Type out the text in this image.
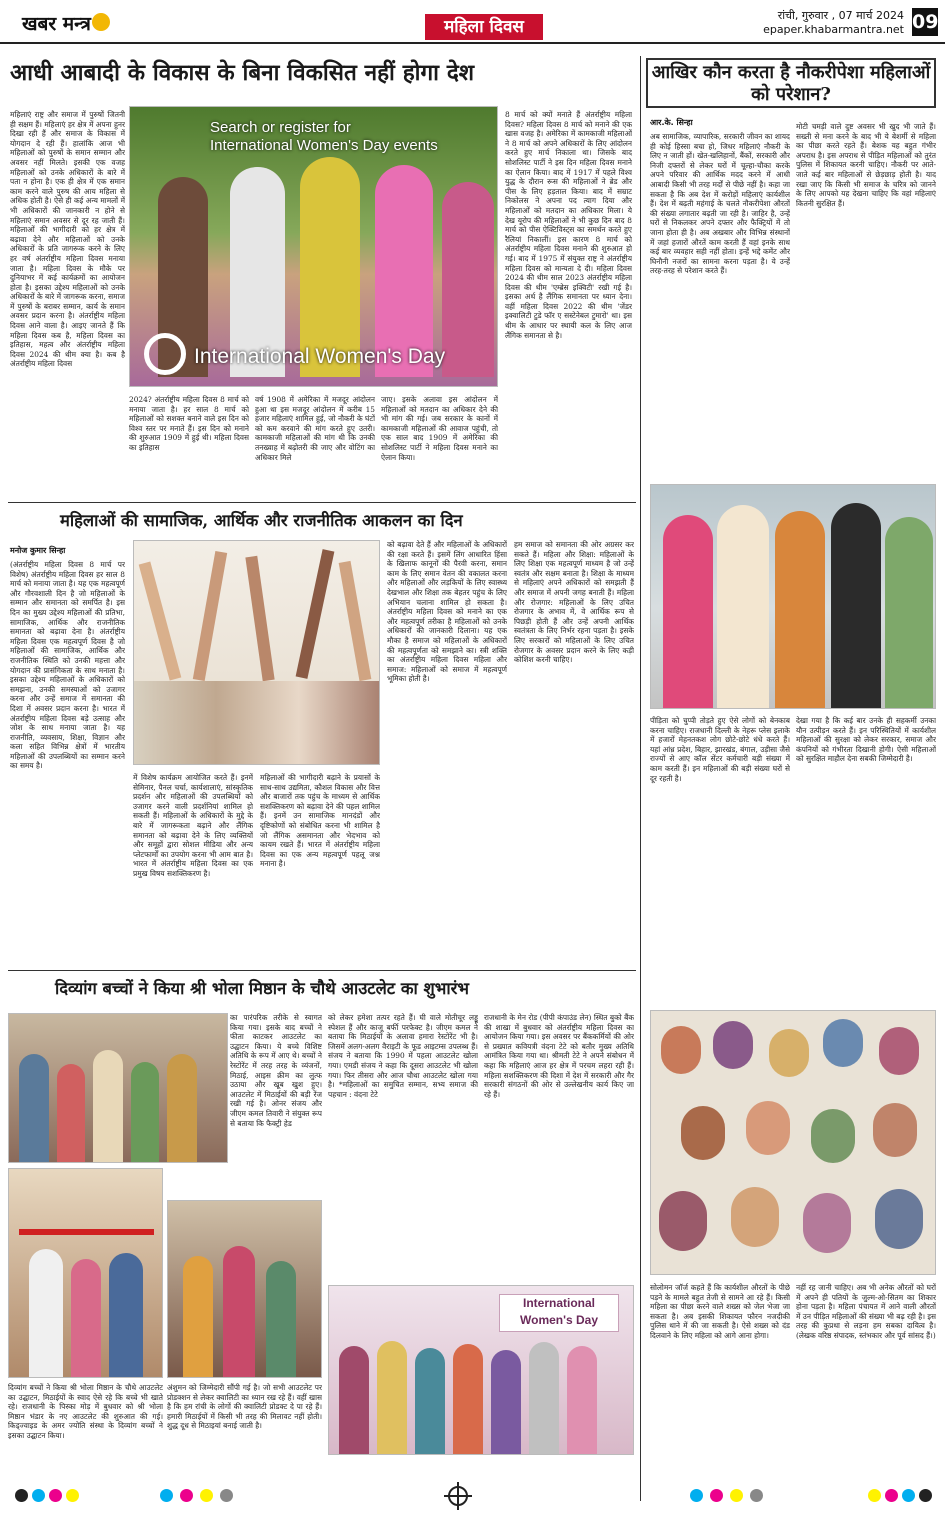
खबर मन्त्र	महिला दिवस
रांची, गुरुवार , 07 मार्च 2024
epaper.khabarmantra.net 09
आधी आबादी के विकास के बिना विकसित नहीं होगा देश
महिलाएं राष्ट्र और समाज में पुरुषों जितनी ही सक्षम हैं। महिलाएं हर क्षेत्र में अपना हुनर दिखा रही हैं और समाज के विकास में योगदान दे रही हैं। हालांकि आज भी महिलाओं को पुरुषों के समान सम्मान और अवसर नहीं मिलते। इसकी एक वजह महिलाओं को उनके अधिकारों के बारे में पता न होना है। एक ही क्षेत्र में एक समान काम करने वाले पुरुष की आय महिला से अधिक होती है। ऐसे ही कई अन्य मामलों में भी अधिकारों की जानकारी न होने से महिलाएं समान अवसर से दूर रह जाती हैं। महिलाओं की भागीदारी को हर क्षेत्र में बढ़ावा देने और महिलाओं को उनके अधिकारों के प्रति जागरूक करने के लिए हर वर्ष अंतर्राष्ट्रीय महिला दिवस मनाया जाता है। महिला दिवस के मौके पर दुनियाभर में कई कार्यक्रमों का आयोजन होता है। इसका उद्देश्य महिलाओं को उनके अधिकारों के बारे में जागरूक करना, समाज में पुरुषों के बराबर सम्मान, कार्य के समान अवसर प्रदान करना है। अंतर्राष्ट्रीय महिला दिवस आने वाला है। आइए जानते हैं कि महिला दिवस कब है, महिला दिवस का इतिहास, महत्व और अंतर्राष्ट्रीय महिला दिवस 2024 की थीम क्या है। कब है अंतर्राष्ट्रीय महिला दिवस
Search or register for
International Women's Day events
International Women's Day
2024? अंतर्राष्ट्रीय महिला दिवस 8 मार्च को मनाया जाता है। हर साल 8 मार्च को महिलाओं को सशक्त बनाने वाले इस दिन को विश्व स्तर पर मनाते हैं। इस दिन को मनाने की शुरुआत 1909 में हुई थी। महिला दिवस का इतिहास
वर्ष 1908 में अमेरिका में मजदूर आंदोलन हुआ था इस मजदूर आंदोलन में करीब 15 हजार महिलाएं शामिल हुई, जो नौकरी के घंटों को कम करवाने की मांग करते हुए उतरी। कामकाजी महिलाओं की मांग थी कि उनकी तनख्वाह में बढ़ोतरी की जाए और वोटिंग का अधिकार मिले
जाए। इसके अलावा इस आंदोलन में महिलाओं को मतदान का अधिकार देने की भी मांग की गई। जब सरकार के कानों में कामकाजी महिलाओं की आवाज पहुंची, तो एक साल बाद 1909 में अमेरिका की सोशलिस्ट पार्टी ने महिला दिवस मनाने का ऐलान किया।
8 मार्च को क्यों मनाते हैं अंतर्राष्ट्रीय महिला दिवस? महिला दिवस 8 मार्च को मनाने की एक खास वजह है। अमेरिका में कामकाजी महिलाओं ने 8 मार्च को अपने अधिकारों के लिए आंदोलन करते हुए मार्च निकाला था। जिसके बाद सोशलिस्ट पार्टी ने इस दिन महिला दिवस मनाने का ऐलान किया। बाद में 1917 में पहले विश्व युद्ध के दौरान रूस की महिलाओं ने ब्रेड और पीस के लिए हड़ताल किया। बाद में सम्राट निकोलस ने अपना पद त्याग दिया और महिलाओं को मतदान का अधिकार मिला। ये देख यूरोप की महिलाओं ने भी कुछ दिन बाद 8 मार्च को पीस ऐक्टिविस्ट्स का समर्थन करते हुए रैलियां निकालीं। इस कारण 8 मार्च को अंतर्राष्ट्रीय महिला दिवस मनाने की शुरुआत हो गई। बाद में 1975 में संयुक्त राष्ट्र ने अंतर्राष्ट्रीय महिला दिवस को मान्यता दे दी। महिला दिवस 2024 की थीम साल 2023 अंतर्राष्ट्रीय महिला दिवस की थीम 'एम्ब्रेस इक्विटी' रखी गई है। इसका अर्थ है लैंगिक समानता पर ध्यान देना। वहीं महिला दिवस 2022 की थीम 'जेंडर इक्वालिटी टुडे फॉर ए सस्टेनेबल टुमारो' था। इस थीम के आधार पर स्थायी कल के लिए आज लैंगिक समानता से है।
आखिर कौन करता है नौकरीपेशा महिलाओं को परेशान?
आर.के. सिन्हा
अब सामाजिक, व्यापारिक, सरकारी जीवन का शायद ही कोई हिस्सा बचा हो, जिधर महिलाएं नौकरी के लिए न जाती हों। खेत-खलिहानों, बैंकों, सरकारी और निजी दफ्तरों से लेकर घरों में चूल्हा-चौका करके अपने परिवार की आर्थिक मदद करने में आधी आबादी किसी भी तरह मर्दों से पीछे नहीं है। कहा जा सकता है कि अब देश में करोड़ों महिलाएं कार्यशील हैं। देश में बढ़ती महंगाई के चलते नौकरीपेशा औरतों की संख्या लगातार बढ़ती जा रही है। जाहिर है, उन्हें घरों से निकलकर अपने दफ्तर और फैक्ट्रियों में तो जाना होता ही है। अब अखबार और विभिन्न संस्थानों में जहां हजारों औरतें काम करती हैं वहां इनके साथ कई बार व्यवहार सही नहीं होता। इन्हें भद्दे कमेंट और घिनौनी नजरों का सामना करना पड़ता है। ये उन्हें तरह-तरह से परेशान करते हैं।
मोटी चमड़ी वाले दुष्ट अवसर भी खुद भी जाते हैं। सख्ती से मना करने के बाद भी ये बेशर्मी से महिला का पीछा करते रहते हैं। बेशक यह बहुत गंभीर अपराध है। इस अपराध से पीड़ित महिलाओं को तुरंत पुलिस में शिकायत करनी चाहिए। नौकरी पर आते-जाते कई बार महिलाओं से छेड़छाड़ होती है। याद रखा जाए कि किसी भी समाज के चरित्र को जानने के लिए आपको यह देखना चाहिए कि वहां महिलाएं कितनी सुरक्षित हैं।
पीड़िता को चुप्पी तोड़ते हुए ऐसे लोगों को बेनकाब करना चाहिए। राजधानी दिल्ली के नेहरू प्लेस इलाके में हजारों मेहनतकश लोग छोटे-छोटे धंधे करते हैं। यहां आंध्र प्रदेश, बिहार, झारखंड, बंगाल, उड़ीसा जैसे राज्यों से आए कॉल सेंटर कर्मचारी बड़ी संख्या में काम करती हैं। इन महिलाओं की बड़ी संख्या घरों से दूर रहती है।
देखा गया है कि कई बार उनके ही सहकर्मी उनका यौन उत्पीड़न करते हैं। इन परिस्थितियों में कार्यशील महिलाओं की सुरक्षा को लेकर सरकार, समाज और कंपनियों को गंभीरता दिखानी होगी। ऐसी महिलाओं को सुरक्षित माहौल देना सबकी जिम्मेदारी है।
सोलोमन जॉर्ज कहते हैं कि कार्यशील औरतों के पीछे पड़ने के मामले बहुत तेजी से सामने आ रहे हैं। किसी महिला का पीछा करने वाले शख्स को जेल भेजा जा सकता है। अब इसकी शिकायत फौरन नजदीकी पुलिस थाने में की जा सकती है। ऐसे शख्स को दंड दिलवाने के लिए महिला को आगे आना होगा।
नहीं रह जानी चाहिए। अब भी अनेक औरतों को घरों में अपने ही पतियों के जुल्म-ओ-सितम का शिकार होना पड़ता है। महिला पंचायत में आने वाली औरतों में उन पीड़ित महिलाओं की संख्या भी बढ़ रही है। इस तरह की कुप्रथा से लड़ना हम सबका दायित्व है। (लेखक वरिष्ठ संपादक, स्तंभकार और पूर्व सांसद हैं।)
महिलाओं की सामाजिक, आर्थिक और राजनीतिक आकलन का दिन
मनोज कुमार सिन्हा
(अंतर्राष्ट्रीय महिला दिवस 8 मार्च पर विशेष) अंतर्राष्ट्रीय महिला दिवस हर साल 8 मार्च को मनाया जाता है। यह एक महत्वपूर्ण और गौरवशाली दिन है जो महिलाओं के सम्मान और समानता को समर्पित है। इस दिन का मुख्य उद्देश्य महिलाओं की प्रतिभा, सामाजिक, आर्थिक और राजनीतिक समानता को बढ़ावा देना है। अंतर्राष्ट्रीय महिला दिवस एक महत्वपूर्ण दिवस है जो महिलाओं की सामाजिक, आर्थिक और राजनीतिक स्थिति को उनकी महत्ता और योगदान की प्रासंगिकता के साथ मनाता है। इसका उद्देश्य महिलाओं के अधिकारों को समझना, उनकी समस्याओं को उजागर करना और उन्हें समाज में समानता की दिशा में अवसर प्रदान करना है। भारत में अंतर्राष्ट्रीय महिला दिवस बड़े उत्साह और जोश के साथ मनाया जाता है। यह राजनीति, व्यवसाय, शिक्षा, विज्ञान और कला सहित विभिन्न क्षेत्रों में भारतीय महिलाओं की उपलब्धियों का सम्मान करने का समय है।
में विशेष कार्यक्रम आयोजित करते हैं। इनमें सेमिनार, पैनल चर्चा, कार्यशालाएं, सांस्कृतिक प्रदर्शन और महिलाओं की उपलब्धियों को उजागर करने वाली प्रदर्शनियां शामिल हो सकती हैं। महिलाओं के अधिकारों के मुद्दे के बारे में जागरूकता बढ़ाने और लैंगिक समानता को बढ़ावा देने के लिए व्यक्तियों और समूहों द्वारा सोशल मीडिया और अन्य प्लेटफार्मों का उपयोग करना भी आम बात है। भारत में अंतर्राष्ट्रीय महिला दिवस का एक प्रमुख विषय सशक्तिकरण है।
महिलाओं की भागीदारी बढ़ाने के प्रयासों के साथ-साथ उद्यमिता, कौशल विकास और वित्त और बाजारों तक पहुंच के माध्यम से आर्थिक सशक्तिकरण को बढ़ावा देने की पहल शामिल हैं। इनमें उन सामाजिक मानदंडों और दृष्टिकोणों को संबोधित करना भी शामिल है जो लैंगिक असमानता और भेदभाव को कायम रखते हैं। भारत में अंतर्राष्ट्रीय महिला दिवस का एक अन्य महत्वपूर्ण पहलू जश्न मनाना है।
को बढ़ावा देते हैं और महिलाओं के अधिकारों की रक्षा करते हैं। इसमें लिंग आधारित हिंसा के खिलाफ कानूनों की पैरवी करना, समान काम के लिए समान वेतन की वकालत करना और महिलाओं और लड़कियों के लिए स्वास्थ्य देखभाल और शिक्षा तक बेहतर पहुंच के लिए अभियान चलाना शामिल हो सकता है। अंतर्राष्ट्रीय महिला दिवस को मनाने का एक और महत्वपूर्ण तरीका है महिलाओं को उनके अधिकारों की जानकारी दिलाना। यह एक मौका है समाज को महिलाओं के अधिकारों की महत्वपूर्णता को समझाने का। स्त्री शक्ति का अंतर्राष्ट्रीय महिला दिवस महिला और समाज: महिलाओं को समाज में महत्वपूर्ण भूमिका होती है।
हम समाज को समानता की ओर अग्रसर कर सकते हैं। महिला और शिक्षा: महिलाओं के लिए शिक्षा एक महत्वपूर्ण माध्यम है जो उन्हें स्वतंत्र और सक्षम बनाता है। शिक्षा के माध्यम से महिलाएं अपने अधिकारों को समझती हैं और समाज में अपनी जगह बनाती हैं। महिला और रोजगार: महिलाओं के लिए उचित रोजगार के अभाव में, वे आर्थिक रूप से पिछड़ी होती हैं और उन्हें अपनी आर्थिक स्वतंत्रता के लिए निर्भर रहना पड़ता है। इसके लिए सरकारों को महिलाओं के लिए उचित रोजगार के अवसर प्रदान करने के लिए कड़ी कोशिश करनी चाहिए।
दिव्यांग बच्चों ने किया श्री भोला मिष्ठान के चौथे आउटलेट का शुभारंभ
का पारंपरिक तरीके से स्वागत किया गया। इसके बाद बच्चों ने फीता काटकर आउटलेट का उद्घाटन किया। ये बच्चे विशिष्ट अतिथि के रूप में आए थे। बच्चों ने रेस्टोरेंट में तरह तरह के व्यंजनों, मिठाई, आइस क्रीम का लुत्फ उठाया और खूब खुश हुए। आउटलेट में मिठाईयों की बड़ी रेंज रखी गई है। ओनर संजय और जीएम कमल तिवारी ने संयुक्त रूप से बताया कि फैक्ट्री हेड
को लेकर हमेशा तत्पर रहते हैं। घी वाले मोतीचूर लड्डू स्पेशल हैं और काजू बर्फी परफेक्ट है। जीएम कमल ने बताया कि मिठाईयों के अलावा हमारा रेस्टोरेंट भी है। जिसमें अलग-अलग वैराइटी के फूड आइटम्स उपलब्ध हैं। संजय ने बताया कि 1990 में पहला आउटलेट खोला गया। एमडी संजय ने कहा कि दूसरा आउटलेट भी खोला गया। फिर तीसरा और आज चौथा आउटलेट खोला गया है। *महिलाओं का समुचित सम्मान, सभ्य समाज की पहचान : वंदना टेटे
राजधानी के मेन रोड (पीपी कंपाउंड लेन) स्थित बुको बैंक की शाखा में बुधवार को अंतर्राष्ट्रीय महिला दिवस का आयोजन किया गया। इस अवसर पर बैंककर्मियों की ओर से प्रख्यात कवियत्री वंदना टेटे को बतौर मुख्य अतिथि आमंत्रित किया गया था। श्रीमती टेटे ने अपने संबोधन में कहा कि महिलाएं आज हर क्षेत्र में परचम लहरा रही हैं। महिला सशक्तिकरण की दिशा में देश में सरकारी और गैर सरकारी संगठनों की ओर से उल्लेखनीय कार्य किए जा रहे हैं।
International
Women's Day
अंशुमन को जिम्मेदारी सौंपी गई है। जो सभी आउटलेट पर प्रोडक्शन से लेकर क्वालिटी का ध्यान रख रहे हैं। वहीं खास है कि हम रांची के लोगों की क्वालिटी प्रोडक्ट दे पा रहे हैं। हमारी मिठाईयों में किसी भी तरह की मिलावट नहीं होती। शुद्ध दूध से मिठाइयां बनाई जाती है।
दिव्यांग बच्चों ने किया श्री भोला मिष्ठान के चौथे आउटलेट का उद्घाटन, मिठाईयों के स्वाद ऐसे रहे कि बच्चे भी खाते रहे। राजधानी के पिस्का मोड़ में बुधवार को श्री भोला मिष्ठान भंडार के नए आउटलेट की शुरुआत की गई। किड्ज्वाइड के अमर ज्योति संस्था के दिव्यांग बच्चों ने इसका उद्घाटन किया।
